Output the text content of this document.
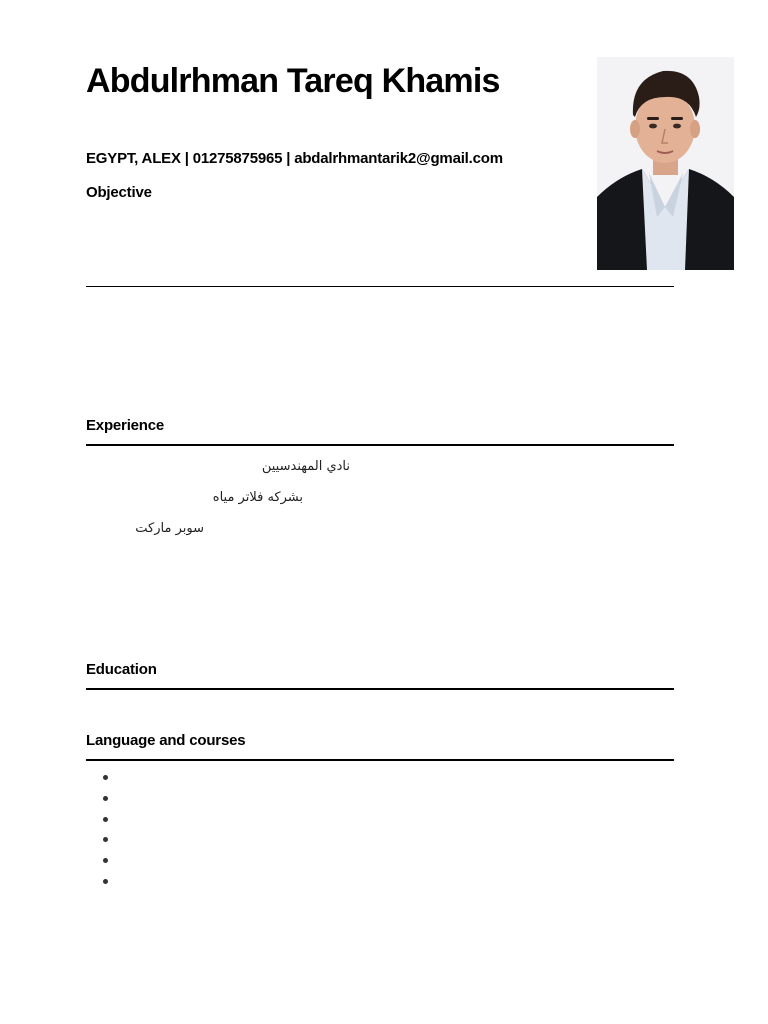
Abdulrhman Tareq Khamis
EGYPT, ALEX | 01275875965 | abdalrhmantarik2@gmail.com
Objective
Experience
نادي المهندسيين
بشركه فلاتر مياه
سوبر ماركت
Education
Language and courses
